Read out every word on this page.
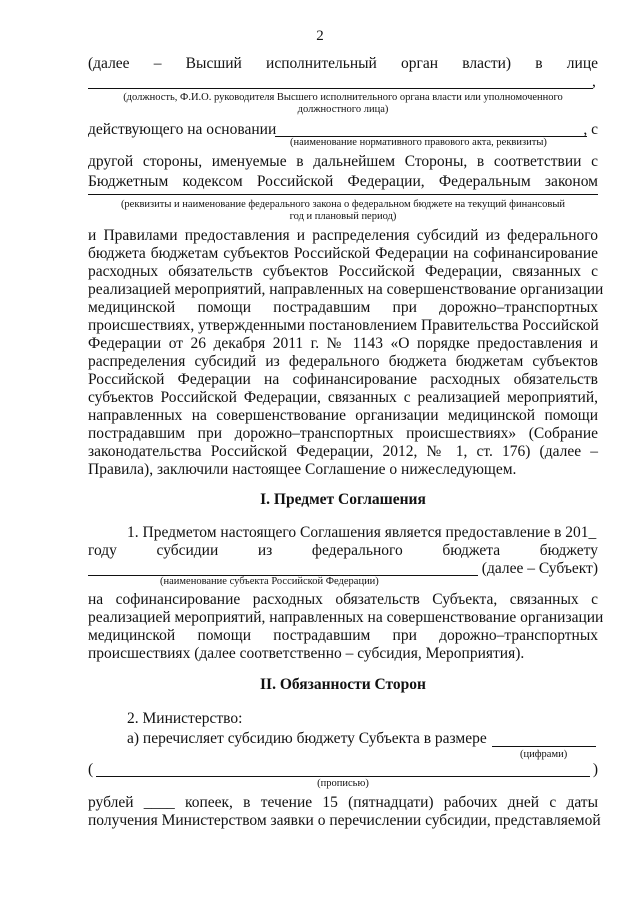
2
(далее – Высший исполнительный орган власти) в лице
,
(должность, Ф.И.О. руководителя Высшего исполнительного органа власти или уполномоченного
должностного лица)
действующего на основании	, с
(наименование нормативного правового акта, реквизиты)
другой стороны, именуемые в дальнейшем Стороны, в соответствии с
Бюджетным кодексом Российской Федерации, Федеральным законом
(реквизиты и наименование федерального закона о федеральном бюджете на текущий финансовый
год и плановый период)
и Правилами предоставления и распределения субсидий из федерального
бюджета бюджетам субъектов Российской Федерации на софинансирование
расходных обязательств субъектов Российской Федерации, связанных с
реализацией мероприятий, направленных на совершенствование организации
медицинской помощи пострадавшим при дорожно–транспортных
происшествиях, утвержденными постановлением Правительства Российской
Федерации от 26 декабря 2011 г. № 1143 «О порядке предоставления и
распределения субсидий из федерального бюджета бюджетам субъектов
Российской Федерации на софинансирование расходных обязательств
субъектов Российской Федерации, связанных с реализацией мероприятий,
направленных на совершенствование организации медицинской помощи
пострадавшим при дорожно–транспортных происшествиях» (Собрание
законодательства Российской Федерации, 2012, № 1, ст. 176) (далее –
Правила), заключили настоящее Соглашение о нижеследующем.
I. Предмет Соглашения
1. Предметом настоящего Соглашения является предоставление в 201_
году субсидии из федерального бюджета бюджету
(далее – Субъект)
(наименование субъекта Российской Федерации)
на софинансирование расходных обязательств Субъекта, связанных с
реализацией мероприятий, направленных на совершенствование организации
медицинской помощи пострадавшим при дорожно–транспортных
происшествиях (далее соответственно – субсидия, Мероприятия).
II. Обязанности Сторон
2. Министерство:
а) перечисляет субсидию бюджету Субъекта в размере
(цифрами)
(	)
(прописью)
рублей ____ копеек, в течение 15 (пятнадцати) рабочих дней с даты
получения Министерством заявки о перечислении субсидии, представляемой
